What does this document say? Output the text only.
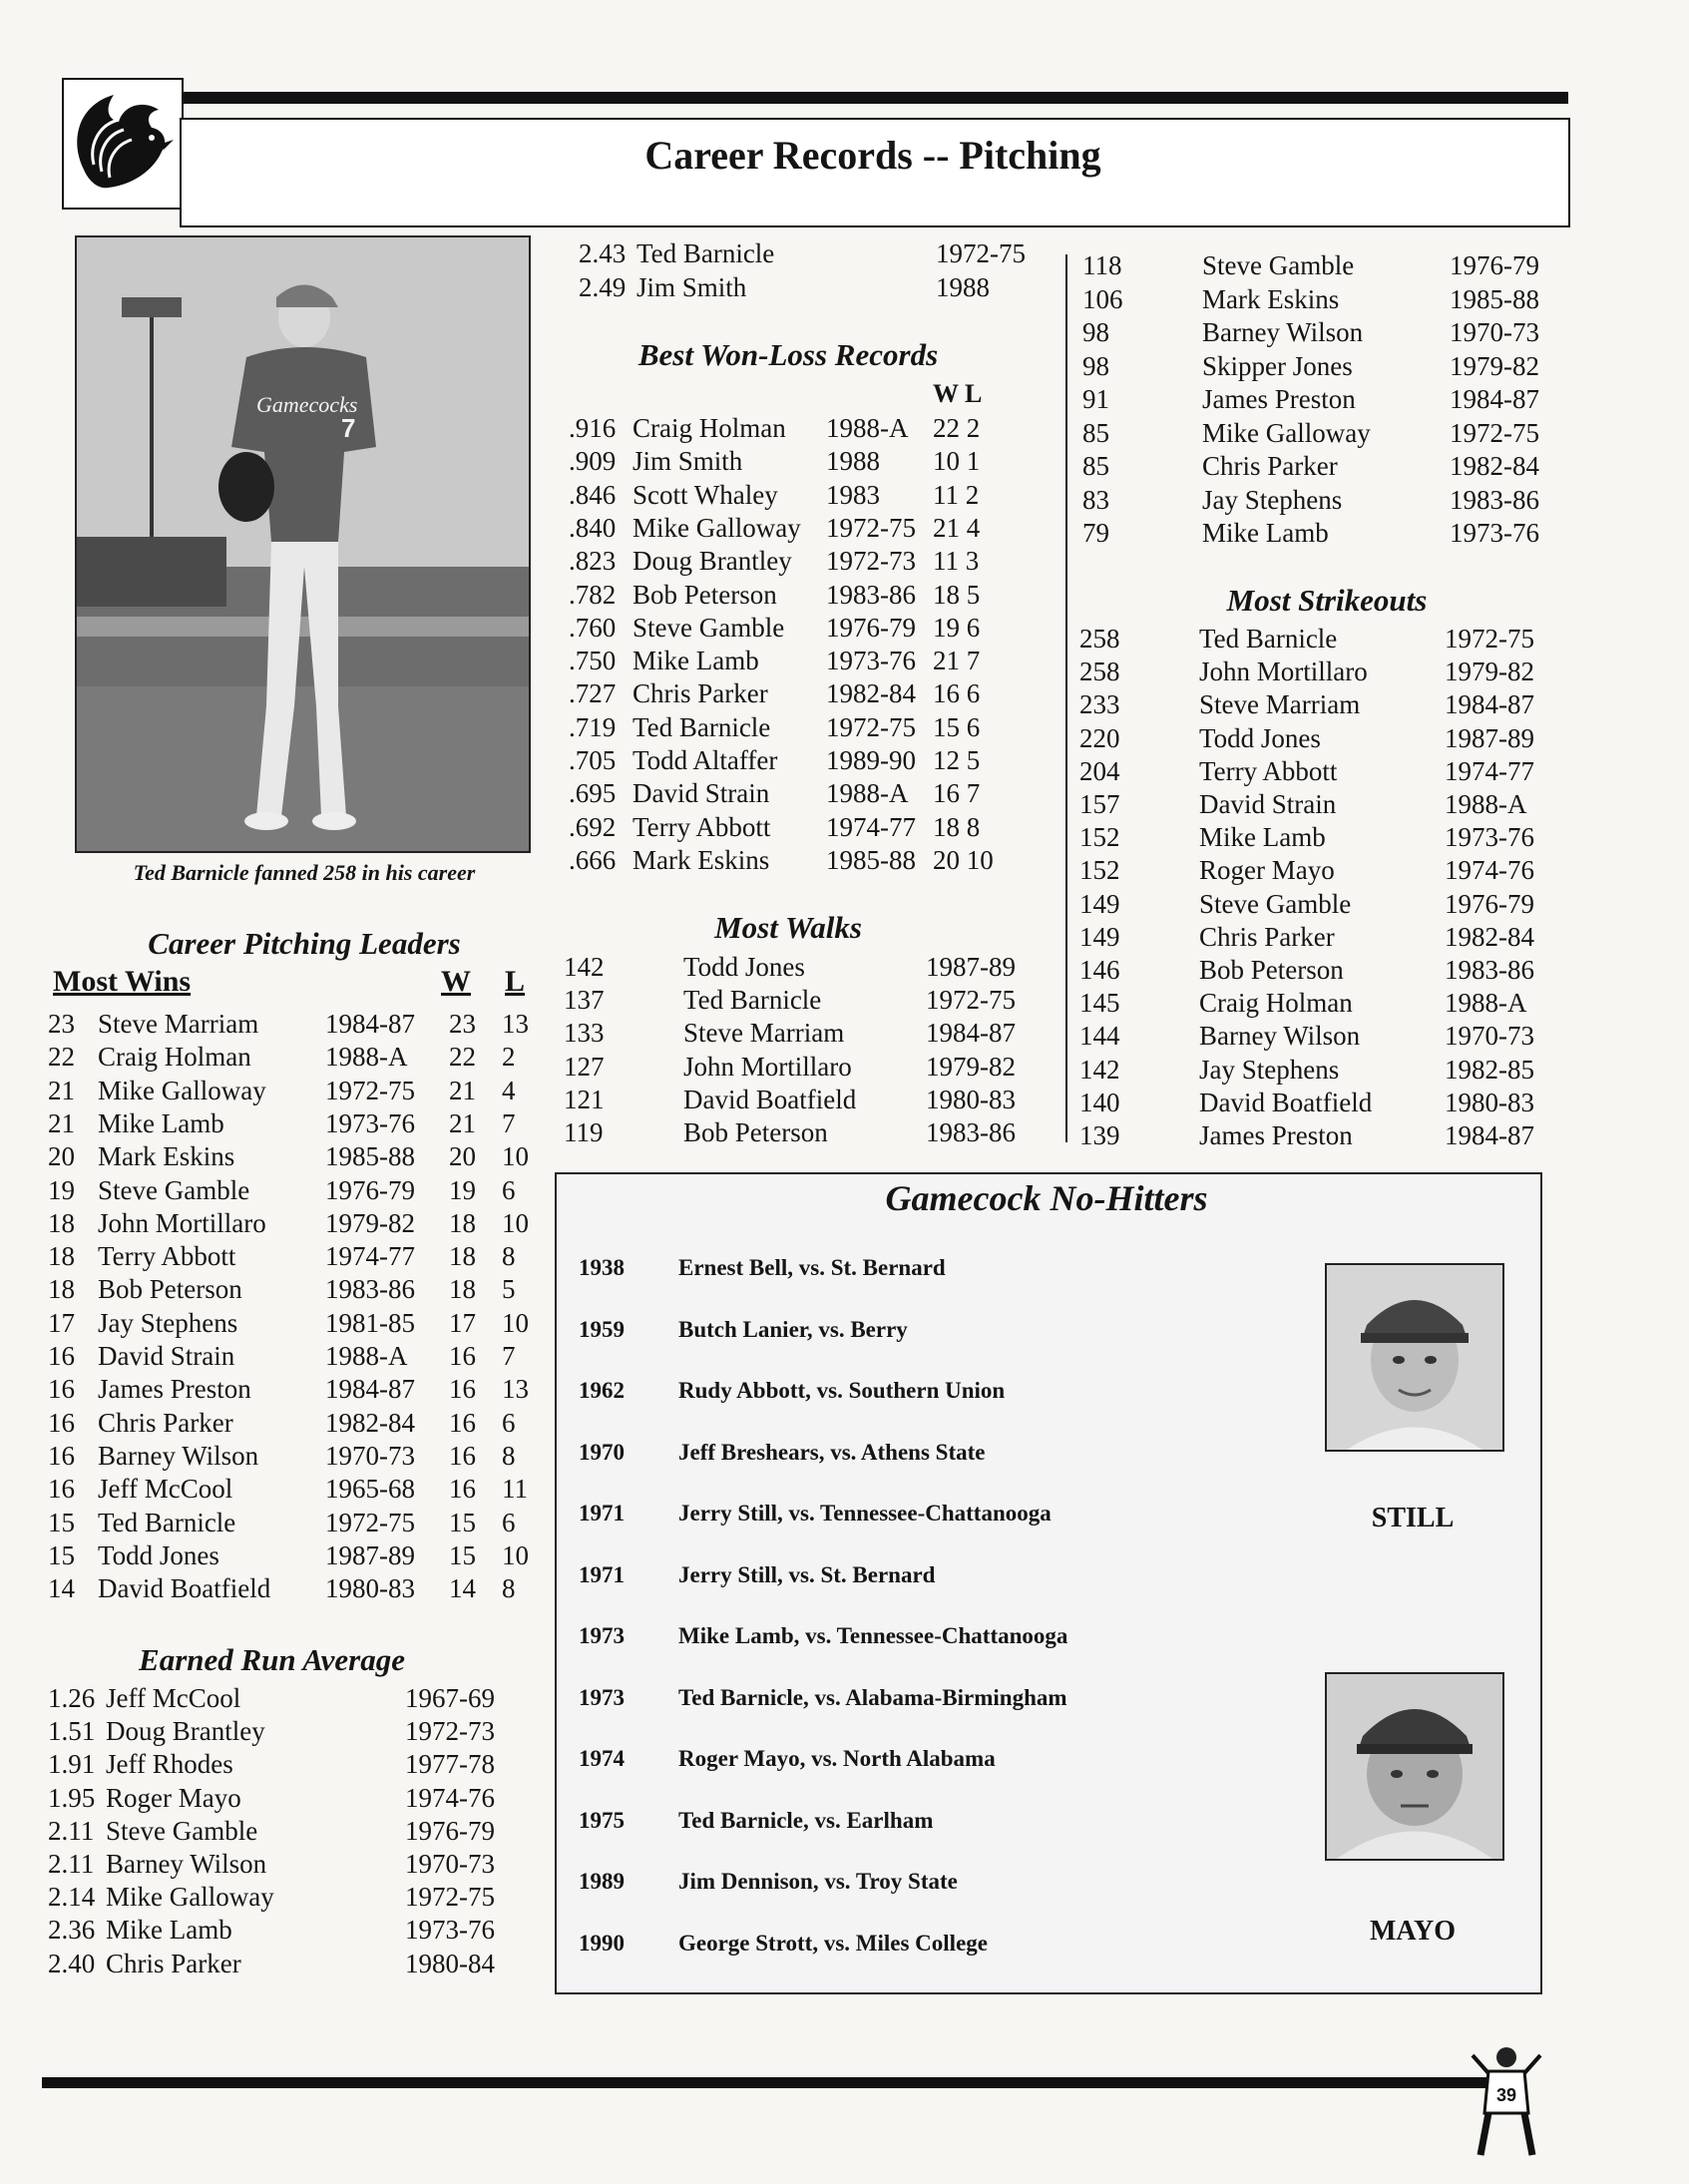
Career Records -- Pitching
Gamecocks
7
Ted Barnicle fanned 258 in his career
Career Pitching Leaders
Most Wins	W L
23 Steve Marriam 1984-87 23 13
22 Craig Holman	1988-A 22 2
21 Mike Galloway 1972-75 21 4
21 Mike Lamb	1973-76 21 7
20 Mark Eskins	1985-88 20 10
19 Steve Gamble	1976-79 19 6
18 John Mortillaro 1979-82 18 10
18 Terry Abbott	1974-77 18 8
18 Bob Peterson	1983-86 18 5
17 Jay Stephens	1981-85 17 10
16 David Strain	1988-A 16 7
16 James Preston	1984-87 16 13
16 Chris Parker	1982-84 16 6
16 Barney Wilson 1970-73 16 8
16 Jeff McCool	1965-68 16 11
15 Ted Barnicle	1972-75 15 6
15 Todd Jones	1987-89 15 10
14 David Boatfield 1980-83 14 8
Earned Run Average
1.26 Jeff McCool	1967-69
1.51 Doug Brantley	1972-73
1.91 Jeff Rhodes	1977-78
1.95 Roger Mayo	1974-76
2.11 Steve Gamble	1976-79
2.11 Barney Wilson	1970-73
2.14 Mike Galloway	1972-75
2.36 Mike Lamb	1973-76
2.40 Chris Parker	1980-84
2.43 Ted Barnicle	1972-75
2.49 Jim Smith	1988
Best Won-Loss Records
W L
.916 Craig Holman 1988-A 22 2
.909 Jim Smith	1988 10 1
.846 Scott Whaley 1983 11 2
.840 Mike Galloway 1972-75 21 4
.823 Doug Brantley 1972-73 11 3
.782 Bob Peterson 1983-86 18 5
.760 Steve Gamble 1976-79 19 6
.750 Mike Lamb 1973-76 21 7
.727 Chris Parker 1982-84 16 6
.719 Ted Barnicle 1972-75 15 6
.705 Todd Altaffer 1989-90 12 5
.695 David Strain 1988-A 16 7
.692 Terry Abbott 1974-77 18 8
.666 Mark Eskins 1985-88 20 10
Most Walks
142	Todd Jones	1987-89
137	Ted Barnicle	1972-75
133	Steve Marriam	1984-87
127	John Mortillaro	1979-82
121	David Boatfield	1980-83
119	Bob Peterson	1983-86
118	Steve Gamble	1976-79
106	Mark Eskins	1985-88
98	Barney Wilson	1970-73
98	Skipper Jones	1979-82
91	James Preston	1984-87
85	Mike Galloway	1972-75
85	Chris Parker	1982-84
83	Jay Stephens	1983-86
79	Mike Lamb	1973-76
Most Strikeouts
258	Ted Barnicle	1972-75
258	John Mortillaro	1979-82
233	Steve Marriam	1984-87
220	Todd Jones	1987-89
204	Terry Abbott	1974-77
157	David Strain	1988-A
152	Mike Lamb	1973-76
152	Roger Mayo	1974-76
149	Steve Gamble	1976-79
149	Chris Parker	1982-84
146	Bob Peterson	1983-86
145	Craig Holman	1988-A
144	Barney Wilson	1970-73
142	Jay Stephens	1982-85
140	David Boatfield	1980-83
139	James Preston	1984-87
Gamecock No-Hitters
1938 Ernest Bell, vs. St. Bernard
1959 Butch Lanier, vs. Berry
1962 Rudy Abbott, vs. Southern Union
1970 Jeff Breshears, vs. Athens State
1971 Jerry Still, vs. Tennessee-Chattanooga
1971 Jerry Still, vs. St. Bernard
1973 Mike Lamb, vs. Tennessee-Chattanooga
1973 Ted Barnicle, vs. Alabama-Birmingham
1974 Roger Mayo, vs. North Alabama
1975 Ted Barnicle, vs. Earlham
1989 Jim Dennison, vs. Troy State
1990 George Strott, vs. Miles College
STILL
MAYO
39
